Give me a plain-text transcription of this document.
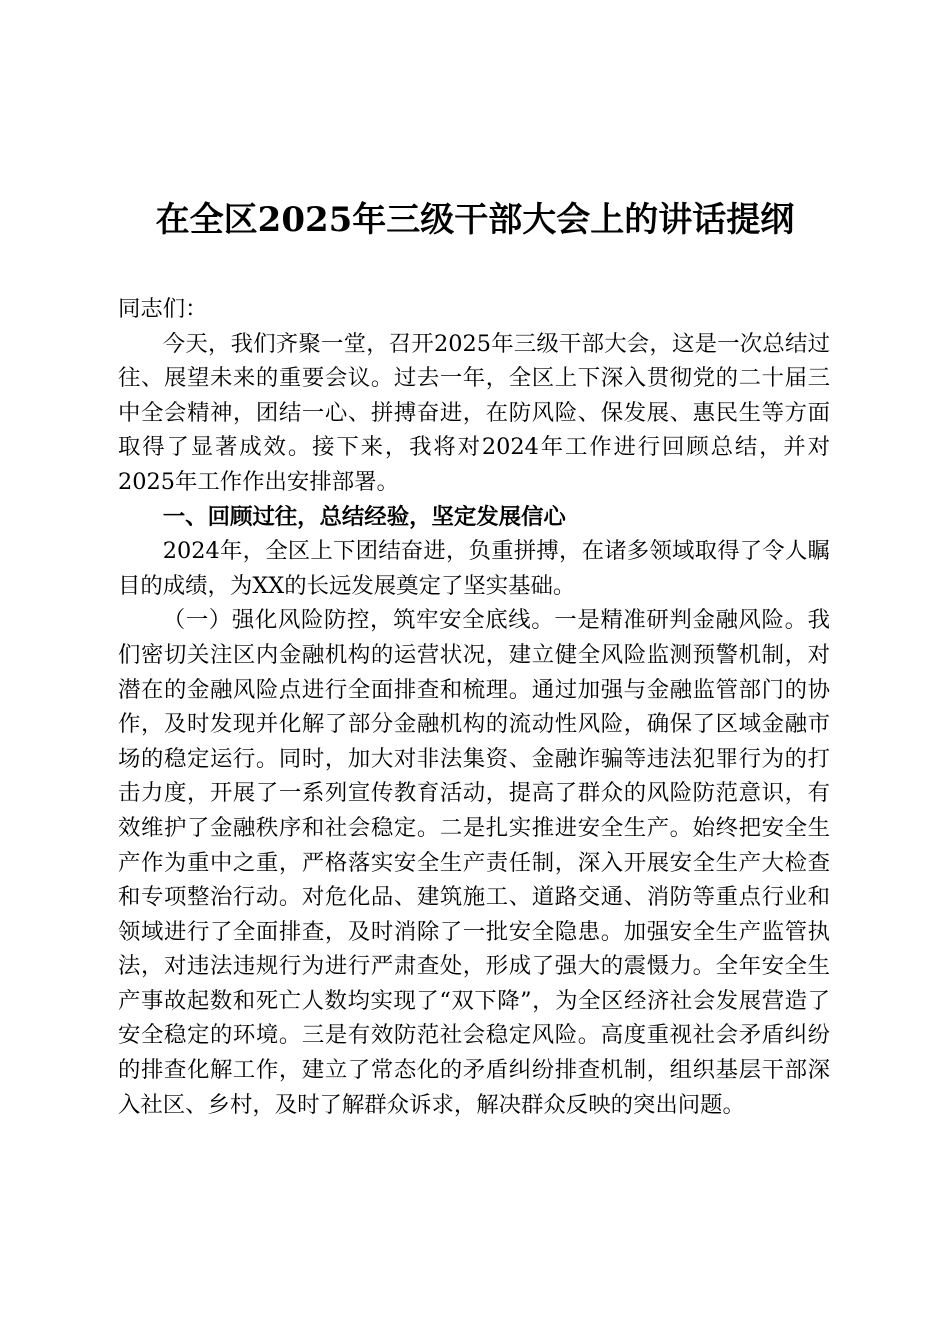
在全区2025年三级干部大会上的讲话提纲

同志们：

今天，我们齐聚一堂，召开2025年三级干部大会，这是一次总结过往、展望未来的重要会议。过去一年，全区上下深入贯彻党的二十届三中全会精神，团结一心、拼搏奋进，在防风险、保发展、惠民生等方面取得了显著成效。接下来，我将对2024年工作进行回顾总结，并对2025年工作作出安排部署。

一、回顾过往，总结经验，坚定发展信心

2024年，全区上下团结奋进，负重拼搏，在诸多领域取得了令人瞩目的成绩，为XX的长远发展奠定了坚实基础。

（一）强化风险防控，筑牢安全底线。一是精准研判金融风险。我们密切关注区内金融机构的运营状况，建立健全风险监测预警机制，对潜在的金融风险点进行全面排查和梳理。通过加强与金融监管部门的协作，及时发现并化解了部分金融机构的流动性风险，确保了区域金融市场的稳定运行。同时，加大对非法集资、金融诈骗等违法犯罪行为的打击力度，开展了一系列宣传教育活动，提高了群众的风险防范意识，有效维护了金融秩序和社会稳定。二是扎实推进安全生产。始终把安全生产作为重中之重，严格落实安全生产责任制，深入开展安全生产大检查和专项整治行动。对危化品、建筑施工、道路交通、消防等重点行业和领域进行了全面排查，及时消除了一批安全隐患。加强安全生产监管执法，对违法违规行为进行严肃查处，形成了强大的震慑力。全年安全生产事故起数和死亡人数均实现了“双下降”，为全区经济社会发展营造了安全稳定的环境。三是有效防范社会稳定风险。高度重视社会矛盾纠纷的排查化解工作，建立了常态化的矛盾纠纷排查机制，组织基层干部深入社区、乡村，及时了解群众诉求，解决群众反映的突出问题。
